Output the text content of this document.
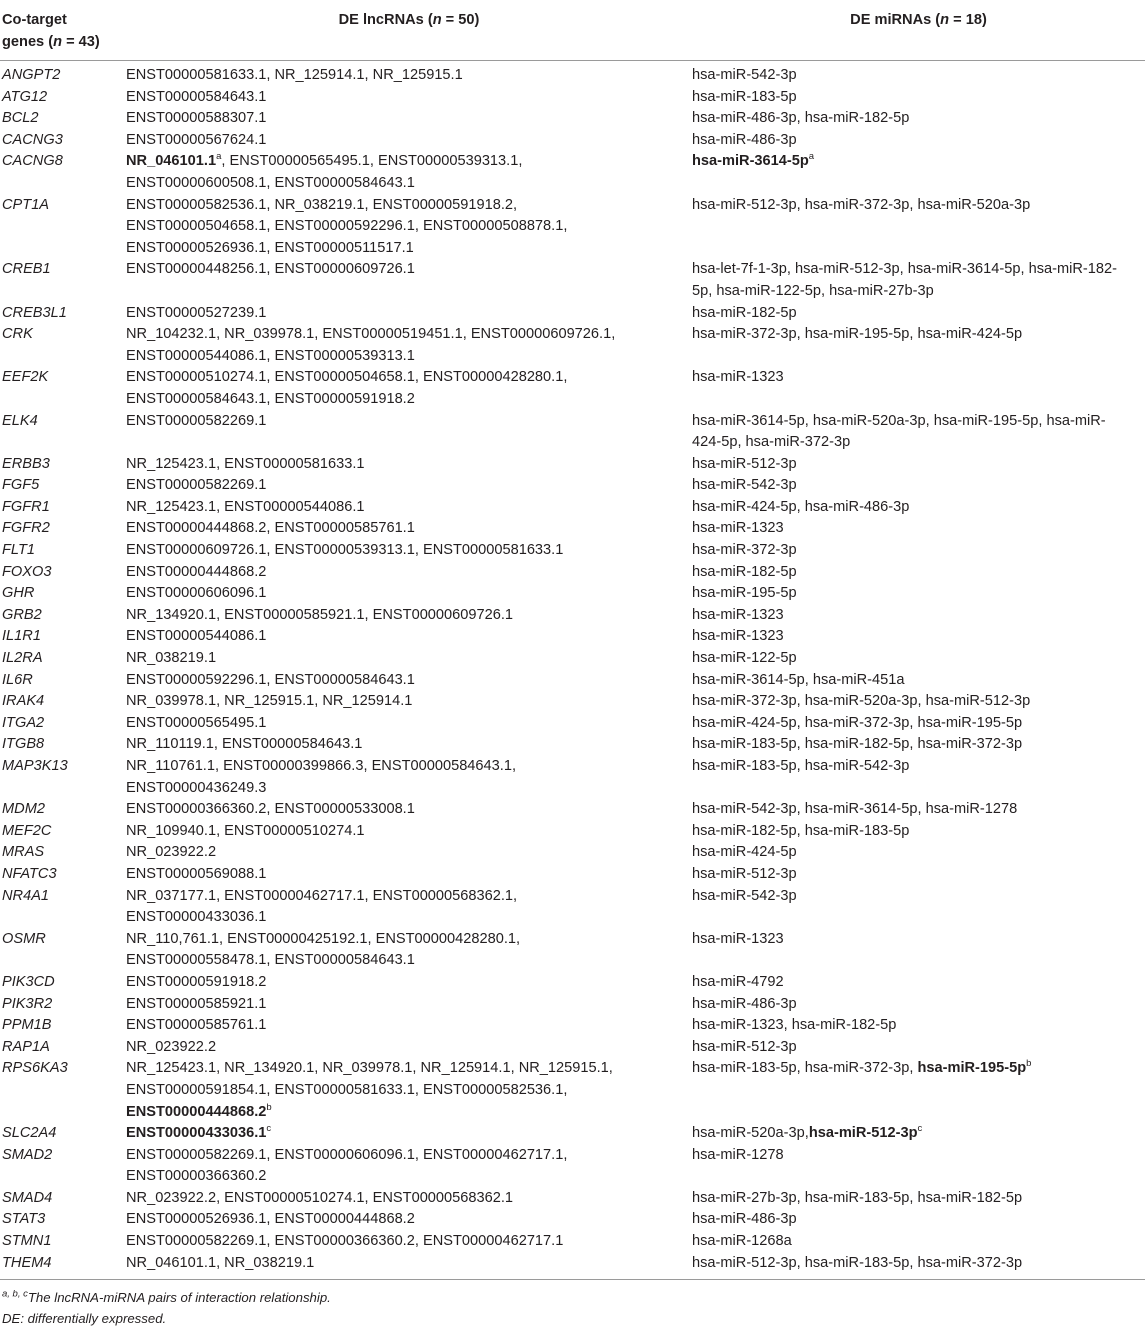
Co-target
genes (n = 43)	DE lncRNAs (n = 50)	DE miRNAs (n = 18)
ANGPT2	ENST00000581633.1, NR_125914.1, NR_125915.1	hsa-miR-542-3p
ATG12	ENST00000584643.1	hsa-miR-183-5p
BCL2	ENST00000588307.1	hsa-miR-486-3p, hsa-miR-182-5p
CACNG3	ENST00000567624.1	hsa-miR-486-3p
CACNG8	NR_046101.1$^a$, ENST00000565495.1, ENST00000539313.1,
ENST00000600508.1, ENST00000584643.1	hsa-$miR-3614-5p^a$
CPT1A	ENST00000582536.1, NR_038219.1, ENST00000591918.2,
ENST00000504658.1, ENST00000592296.1, ENST00000508878.1,
ENST00000526936.1, ENST00000511517.1	hsa-miR-512-3p, hsa-miR-372-3p, hsa-miR-520a-3p
CREB1	ENST00000448256.1, ENST00000609726.1	hsa-let-7f-1-3p, hsa-miR-512-3p, hsa-miR-3614-5p, hsa-miR-182-
5p, hsa-miR-122-5p, hsa-miR-27b-3p
CREB3L1	ENST00000527239.1	hsa-miR-182-5p
CRK	NR_104232.1, NR_039978.1, ENST00000519451.1, ENST00000609726.1,
ENST00000544086.1, ENST00000539313.1	hsa-miR-372-3p, hsa-miR-195-5p, hsa-miR-424-5p
EEF2K	ENST00000510274.1, ENST00000504658.1, ENST00000428280.1,
ENST00000584643.1, ENST00000591918.2	hsa-miR-1323
ELK4	ENST00000582269.1	hsa-miR-3614-5p, hsa-miR-520a-3p, hsa-miR-195-5p, hsa-miR-
424-5p, hsa-miR-372-3p
ERBB3	NR_125423.1, ENST00000581633.1	hsa-miR-512-3p
FGF5	ENST00000582269.1	hsa-miR-542-3p
FGFR1	NR_125423.1, ENST00000544086.1	hsa-miR-424-5p, hsa-miR-486-3p
FGFR2	ENST00000444868.2, ENST00000585761.1	hsa-miR-1323
FLT1	ENST00000609726.1, ENST00000539313.1, ENST00000581633.1	hsa-miR-372-3p
FOXO3	ENST00000444868.2	hsa-miR-182-5p
GHR	ENST00000606096.1	hsa-miR-195-5p
GRB2	NR_134920.1, ENST00000585921.1, ENST00000609726.1	hsa-miR-1323
IL1R1	ENST00000544086.1	hsa-miR-1323
IL2RA	NR_038219.1	hsa-miR-122-5p
IL6R	ENST00000592296.1, ENST00000584643.1	hsa-miR-3614-5p, hsa-miR-451a
IRAK4	NR_039978.1, NR_125915.1, NR_125914.1	hsa-miR-372-3p, hsa-miR-520a-3p, hsa-miR-512-3p
ITGA2	ENST00000565495.1	hsa-miR-424-5p, hsa-miR-372-3p, hsa-miR-195-5p
ITGB8	NR_110119.1, ENST00000584643.1	hsa-miR-183-5p, hsa-miR-182-5p, hsa-miR-372-3p
MAP3K13	NR_110761.1, ENST00000399866.3, ENST00000584643.1,
ENST00000436249.3	hsa-miR-183-5p, hsa-miR-542-3p
MDM2	ENST00000366360.2, ENST00000533008.1	hsa-miR-542-3p, hsa-miR-3614-5p, hsa-miR-1278
MEF2C	NR_109940.1, ENST00000510274.1	hsa-miR-182-5p, hsa-miR-183-5p
MRAS	NR_023922.2	hsa-miR-424-5p
NFATC3	ENST00000569088.1	hsa-miR-512-3p
NR4A1	NR_037177.1, ENST00000462717.1, ENST00000568362.1,
ENST00000433036.1	hsa-miR-542-3p
OSMR	NR_110,761.1, ENST00000425192.1, ENST00000428280.1,
ENST00000558478.1, ENST00000584643.1	hsa-miR-1323
PIK3CD	ENST00000591918.2	hsa-miR-4792
PIK3R2	ENST00000585921.1	hsa-miR-486-3p
PPM1B	ENST00000585761.1	hsa-miR-1323, hsa-miR-182-5p
RAP1A	NR_023922.2	hsa-miR-512-3p
RPS6KA3	NR_125423.1, NR_134920.1, NR_039978.1, NR_125914.1, NR_125915.1,
ENST00000591854.1, ENST00000581633.1, ENST00000582536.1,
ENST00000444868.2$^b$	hsa-miR-183-5p, hsa-miR-372-3p, hsa-$miR-195-5p^b$
SLC2A4	ENST00000433036.1$^c$	hsa-$miR-520a-3p,hsa-miR-512-3p^c$
SMAD2	ENST00000582269.1, ENST00000606096.1, ENST00000462717.1,
ENST00000366360.2	hsa-miR-1278
SMAD4	NR_023922.2, ENST00000510274.1, ENST00000568362.1	hsa-miR-27b-3p, hsa-miR-183-5p, hsa-miR-182-5p
STAT3	ENST00000526936.1, ENST00000444868.2	hsa-miR-486-3p
STMN1	ENST00000582269.1, ENST00000366360.2, ENST00000462717.1	hsa-miR-1268a
THEM4	NR_046101.1, NR_038219.1	hsa-miR-512-3p, hsa-miR-183-5p, hsa-miR-372-3p
$^{a, b, c}$The lncRNA-miRNA pairs of interaction relationship.
DE: differentially expressed.
